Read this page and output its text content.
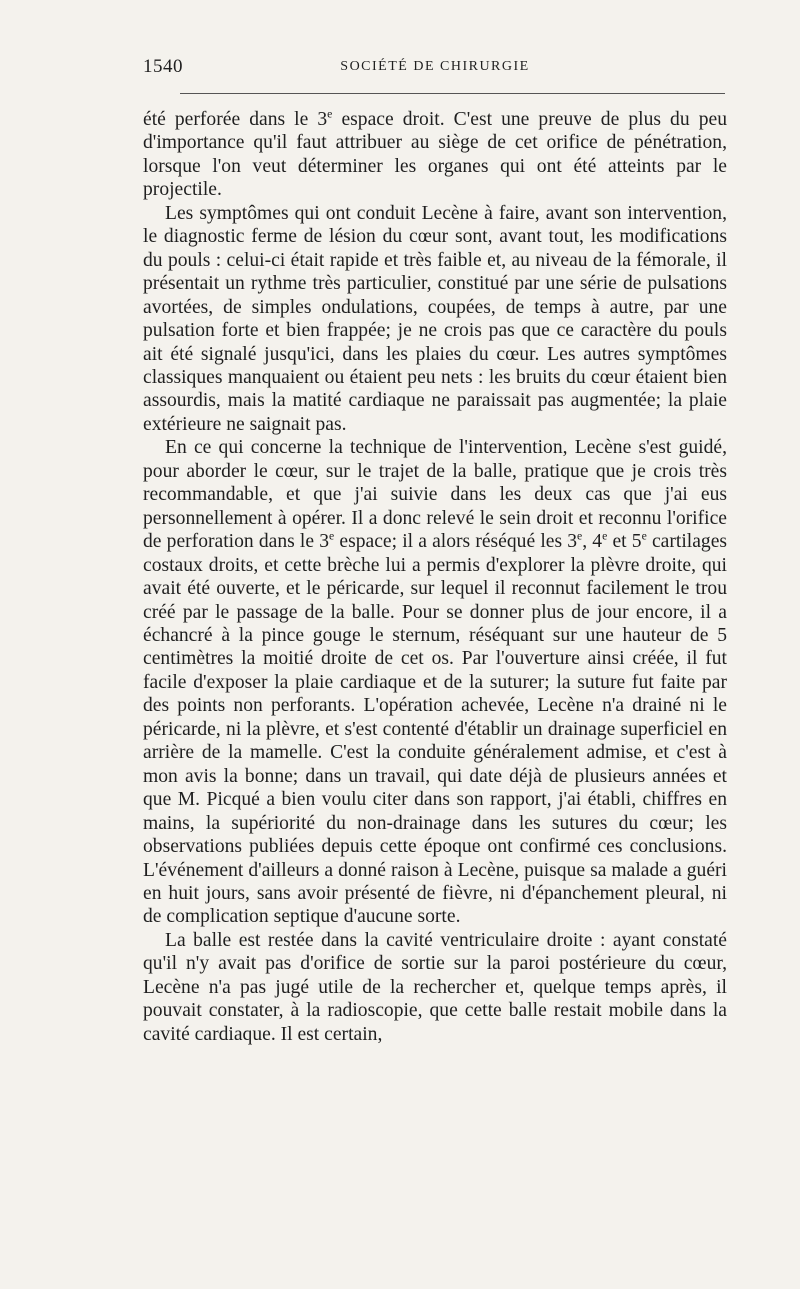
1540	SOCIÉTÉ DE CHIRURGIE

été perforée dans le 3e espace droit. C'est une preuve de plus du peu d'importance qu'il faut attribuer au siège de cet orifice de pénétration, lorsque l'on veut déterminer les organes qui ont été atteints par le projectile.

Les symptômes qui ont conduit Lecène à faire, avant son intervention, le diagnostic ferme de lésion du cœur sont, avant tout, les modifications du pouls : celui-ci était rapide et très faible et, au niveau de la fémorale, il présentait un rythme très particulier, constitué par une série de pulsations avortées, de simples ondulations, coupées, de temps à autre, par une pulsation forte et bien frappée; je ne crois pas que ce caractère du pouls ait été signalé jusqu'ici, dans les plaies du cœur. Les autres symptômes classiques manquaient ou étaient peu nets : les bruits du cœur étaient bien assourdis, mais la matité cardiaque ne paraissait pas augmentée; la plaie extérieure ne saignait pas.

En ce qui concerne la technique de l'intervention, Lecène s'est guidé, pour aborder le cœur, sur le trajet de la balle, pratique que je crois très recommandable, et que j'ai suivie dans les deux cas que j'ai eus personnellement à opérer. Il a donc relevé le sein droit et reconnu l'orifice de perforation dans le 3e espace; il a alors réséqué les 3e, 4e et 5e cartilages costaux droits, et cette brèche lui a permis d'explorer la plèvre droite, qui avait été ouverte, et le péricarde, sur lequel il reconnut facilement le trou créé par le passage de la balle. Pour se donner plus de jour encore, il a échancré à la pince gouge le sternum, réséquant sur une hauteur de 5 centimètres la moitié droite de cet os. Par l'ouverture ainsi créée, il fut facile d'exposer la plaie cardiaque et de la suturer; la suture fut faite par des points non perforants. L'opération achevée, Lecène n'a drainé ni le péricarde, ni la plèvre, et s'est contenté d'établir un drainage superficiel en arrière de la mamelle. C'est la conduite généralement admise, et c'est à mon avis la bonne; dans un travail, qui date déjà de plusieurs années et que M. Picqué a bien voulu citer dans son rapport, j'ai établi, chiffres en mains, la supériorité du non-drainage dans les sutures du cœur; les observations publiées depuis cette époque ont confirmé ces conclusions. L'événement d'ailleurs a donné raison à Lecène, puisque sa malade a guéri en huit jours, sans avoir présenté de fièvre, ni d'épanchement pleural, ni de complication septique d'aucune sorte.

La balle est restée dans la cavité ventriculaire droite : ayant constaté qu'il n'y avait pas d'orifice de sortie sur la paroi postérieure du cœur, Lecène n'a pas jugé utile de la rechercher et, quelque temps après, il pouvait constater, à la radioscopie, que cette balle restait mobile dans la cavité cardiaque. Il est certain,
